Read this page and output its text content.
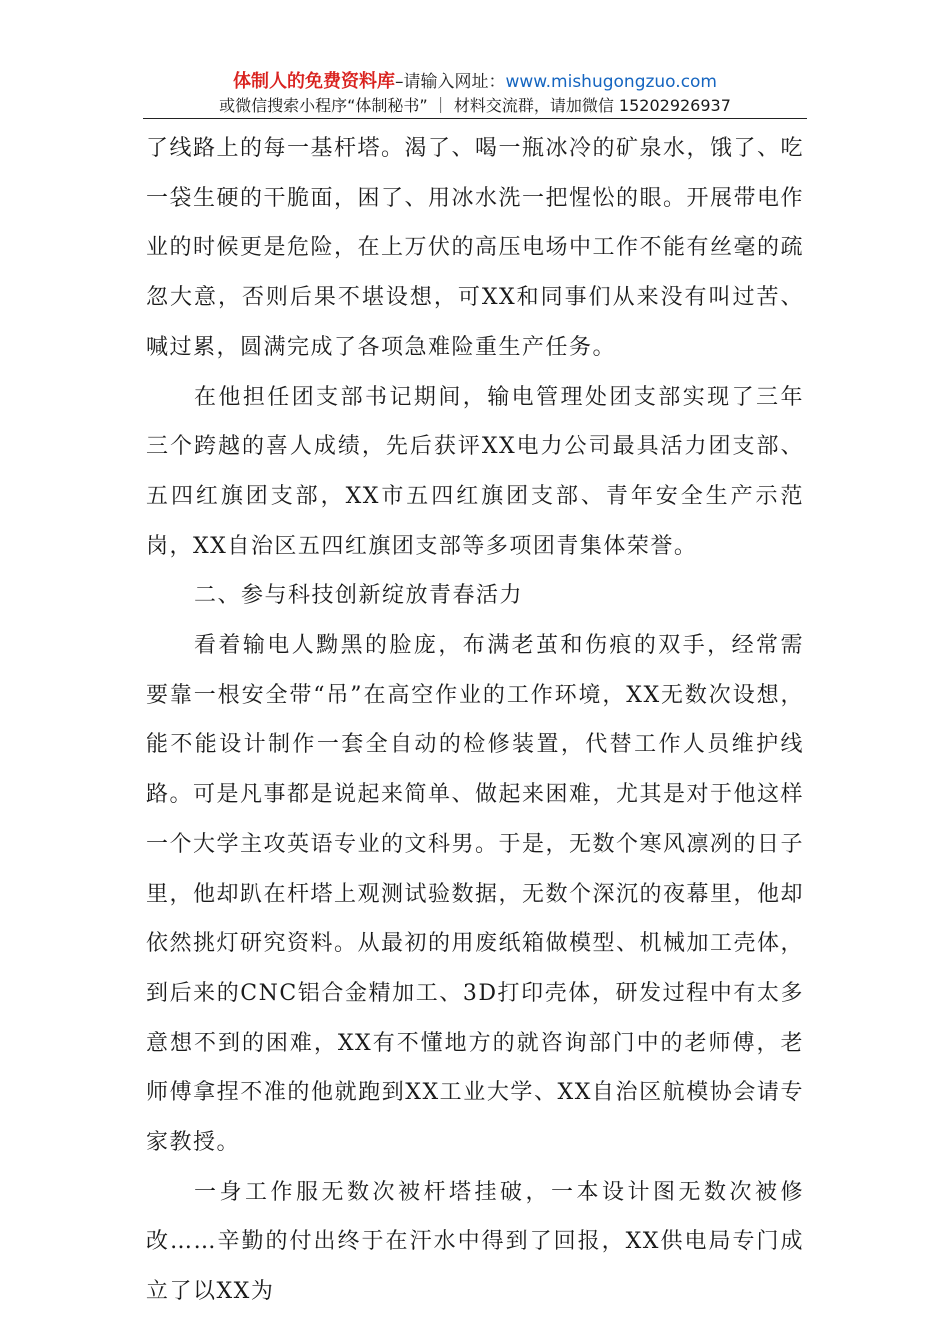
体制人的免费资料库–请输入网址：www.mishugongzuo.com
或微信搜索小程序“体制秘书” ｜ 材料交流群，请加微信 15202926937

了线路上的每一基杆塔。渴了、喝一瓶冰冷的矿泉水，饿了、吃一袋生硬的干脆面，困了、用冰水洗一把惺忪的眼。开展带电作业的时候更是危险，在上万伏的高压电场中工作不能有丝毫的疏忽大意，否则后果不堪设想，可XX和同事们从来没有叫过苦、喊过累，圆满完成了各项急难险重生产任务。

在他担任团支部书记期间，输电管理处团支部实现了三年三个跨越的喜人成绩，先后获评XX电力公司最具活力团支部、五四红旗团支部，XX市五四红旗团支部、青年安全生产示范岗，XX自治区五四红旗团支部等多项团青集体荣誉。

二、参与科技创新绽放青春活力

看着输电人黝黑的脸庞，布满老茧和伤痕的双手，经常需要靠一根安全带“吊”在高空作业的工作环境，XX无数次设想，能不能设计制作一套全自动的检修装置，代替工作人员维护线路。可是凡事都是说起来简单、做起来困难，尤其是对于他这样一个大学主攻英语专业的文科男。于是，无数个寒风凛冽的日子里，他却趴在杆塔上观测试验数据，无数个深沉的夜幕里，他却依然挑灯研究资料。从最初的用废纸箱做模型、机械加工壳体，到后来的CNC铝合金精加工、3D打印壳体，研发过程中有太多意想不到的困难，XX有不懂地方的就咨询部门中的老师傅，老师傅拿捏不准的他就跑到XX工业大学、XX自治区航模协会请专家教授。

一身工作服无数次被杆塔挂破，一本设计图无数次被修改……辛勤的付出终于在汗水中得到了回报，XX供电局专门成立了以XX为
